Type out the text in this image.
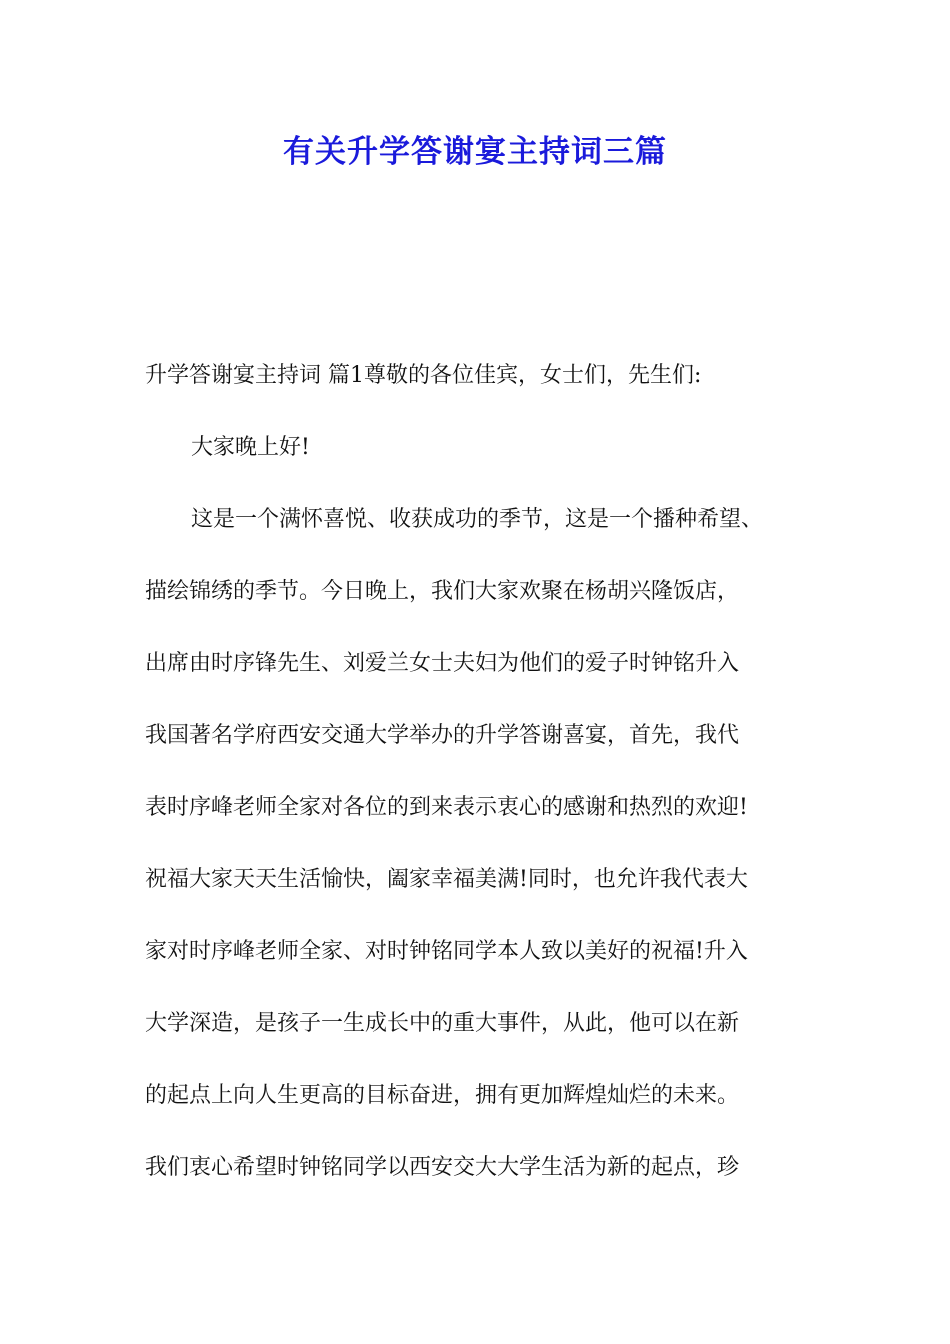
有关升学答谢宴主持词三篇
升学答谢宴主持词 篇1尊敬的各位佳宾，女士们，先生们:
大家晚上好!
这是一个满怀喜悦、收获成功的季节，这是一个播种希望、
描绘锦绣的季节。今日晚上，我们大家欢聚在杨胡兴隆饭店，
出席由时序锋先生、刘爱兰女士夫妇为他们的爱子时钟铭升入
我国著名学府西安交通大学举办的升学答谢喜宴，首先，我代
表时序峰老师全家对各位的到来表示衷心的感谢和热烈的欢迎!
祝福大家天天生活愉快，阖家幸福美满!同时，也允许我代表大
家对时序峰老师全家、对时钟铭同学本人致以美好的祝福!升入
大学深造，是孩子一生成长中的重大事件，从此，他可以在新
的起点上向人生更高的目标奋进，拥有更加辉煌灿烂的未来。
我们衷心希望时钟铭同学以西安交大大学生活为新的起点，珍
